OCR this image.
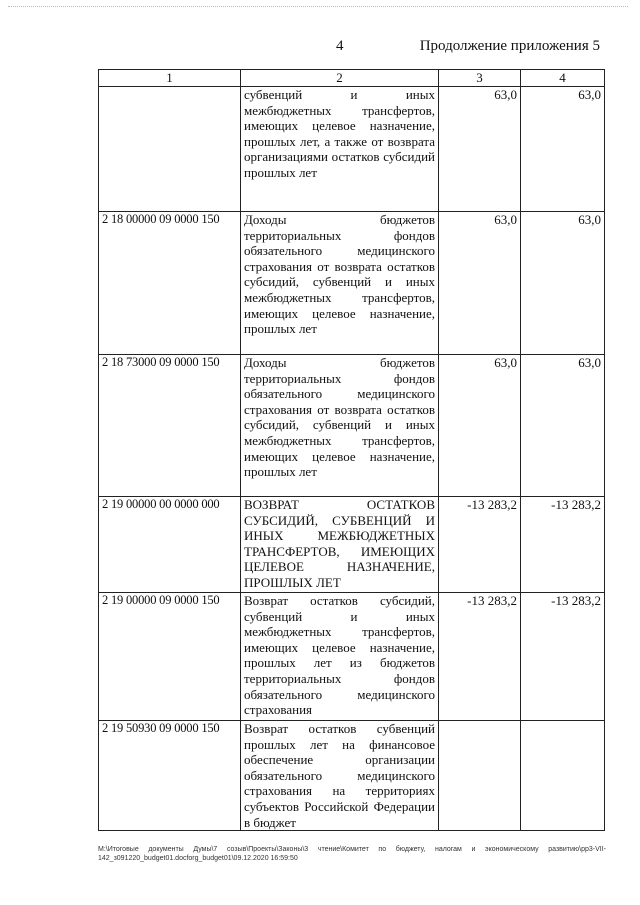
4	Продолжение приложения 5
1	2	3	4
	субвенций и иных межбюджетных трансфертов, имеющих целевое назначение, прошлых лет, а также от возврата организациями остатков субсидий прошлых лет	63,0	63,0
2 18 00000 09 0000 150	Доходы бюджетов территориальных фондов обязательного медицинского страхования от возврата остатков субсидий, субвенций и иных межбюджетных трансфертов, имеющих целевое назначение, прошлых лет	63,0	63,0
2 18 73000 09 0000 150	Доходы бюджетов территориальных фондов обязательного медицинского страхования от возврата остатков субсидий, субвенций и иных межбюджетных трансфертов, имеющих целевое назначение, прошлых лет	63,0	63,0
2 19 00000 00 0000 000	ВОЗВРАТ ОСТАТКОВ СУБСИДИЙ, СУБВЕНЦИЙ И ИНЫХ МЕЖБЮДЖЕТНЫХ ТРАНСФЕРТОВ, ИМЕЮЩИХ ЦЕЛЕВОЕ НАЗНАЧЕНИЕ, ПРОШЛЫХ ЛЕТ	-13 283,2	-13 283,2
2 19 00000 09 0000 150	Возврат остатков субсидий, субвенций и иных межбюджетных трансфертов, имеющих целевое назначение, прошлых лет из бюджетов территориальных фондов обязательного медицинского страхования	-13 283,2	-13 283,2
2 19 50930 09 0000 150	Возврат остатков субвенций прошлых лет на финансовое обеспечение организации обязательного медицинского страхования на территориях субъектов Российской Федерации в бюджет		
M:\Итоговые документы Думы\7 созыв\Проекты\Законы\3 чтение\Комитет по бюджету, налогам и экономическому развитию\pp3-VII-142_з091220_budget01.docforg_budget01\09.12.2020 16:59:50
